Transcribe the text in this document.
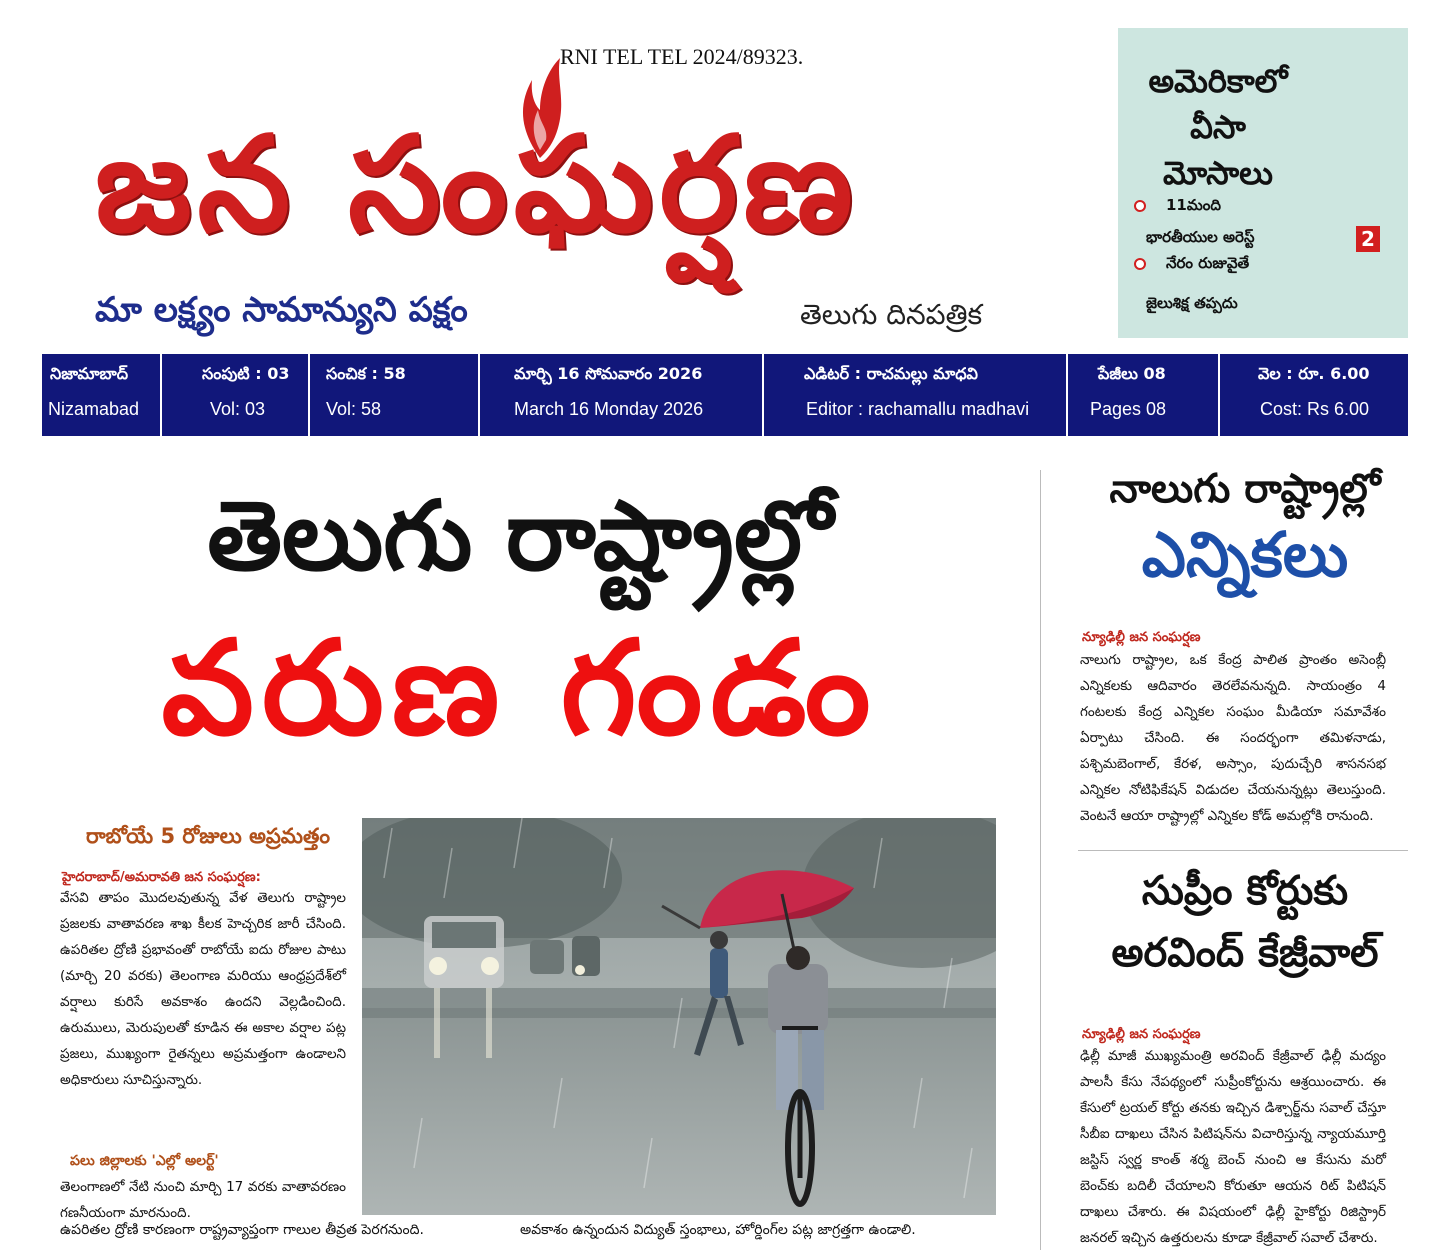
RNI TEL TEL 2024/89323.
జన సంఘర్షణ
మా లక్ష్యం సామాన్యుని పక్షం	తెలుగు దినపత్రిక
అమెరికాలో
వీసా
మోసాలు
11మంది
భారతీయుల అరెస్ట్
నేరం రుజువైతే
జైలుశిక్ష తప్పదు
2
నిజామాబాద్
Nizamabad
సంపుటి : 03
Vol: 03
సంచిక : 58
Vol: 58
మార్చి 16 సోమవారం 2026
March 16 Monday 2026
ఎడిటర్ : రాచమల్లు మాధవి
Editor : rachamallu madhavi
పేజీలు 08
Pages 08
వెల : రూ. 6.00
Cost: Rs 6.00
తెలుగు రాష్ట్రాల్లో
వరుణ గండం
రాబోయే 5 రోజులు అప్రమత్తం
హైదరాబాద్/అమరావతి జన సంఘర్షణ:
వేసవి తాపం మొదలవుతున్న వేళ తెలుగు రాష్ట్రాల ప్రజలకు వాతావరణ శాఖ కీలక హెచ్చరిక జారీ చేసింది. ఉపరితల ద్రోణి ప్రభావంతో రాబోయే ఐదు రోజుల పాటు (మార్చి 20 వరకు) తెలంగాణ మరియు ఆంధ్రప్రదేశ్‌లో వర్షాలు కురిసే అవకాశం ఉందని వెల్లడించింది. ఉరుములు, మెరుపులతో కూడిన ఈ అకాల వర్షాల పట్ల ప్రజలు, ముఖ్యంగా రైతన్నలు అప్రమత్తంగా ఉండాలని అధికారులు సూచిస్తున్నారు.
పలు జిల్లాలకు 'ఎల్లో అలర్ట్'
తెలంగాణలో నేటి నుంచి మార్చి 17 వరకు వాతావరణం గణనీయంగా మారనుంది.
ఉపరితల ద్రోణి కారణంగా రాష్ట్రవ్యాప్తంగా గాలుల తీవ్రత పెరగనుంది.	అవకాశం ఉన్నందున విద్యుత్ స్తంభాలు, హోర్డింగ్‌ల పట్ల జాగ్రత్తగా ఉండాలి.
నాలుగు రాష్ట్రాల్లో
ఎన్నికలు
న్యూఢిల్లీ జన సంఘర్షణ
నాలుగు రాష్ట్రాల, ఒక కేంద్ర పాలిత ప్రాంతం అసెంబ్లీ ఎన్నికలకు ఆదివారం తెరలేవనున్నది. సాయంత్రం 4 గంటలకు కేంద్ర ఎన్నికల సంఘం మీడియా సమావేశం ఏర్పాటు చేసింది. ఈ సందర్భంగా తమిళనాడు, పశ్చిమబెంగాల్, కేరళ, అస్సాం, పుదుచ్చేరి శాసనసభ ఎన్నికల నోటిఫికేషన్ విడుదల చేయనున్నట్లు తెలుస్తుంది. వెంటనే ఆయా రాష్ట్రాల్లో ఎన్నికల కోడ్ అమల్లోకి రానుంది.
సుప్రీం కోర్టుకు
అరవింద్ కేజ్రీవాల్
న్యూఢిల్లీ జన సంఘర్షణ
ఢిల్లీ మాజీ ముఖ్యమంత్రి అరవింద్ కేజ్రీవాల్ ఢిల్లీ మద్యం పాలసీ కేసు నేపథ్యంలో సుప్రీంకోర్టును ఆశ్రయించారు. ఈ కేసులో ట్రయల్ కోర్టు తనకు ఇచ్చిన డిశ్చార్జ్‌ను సవాల్ చేస్తూ సీబీఐ దాఖలు చేసిన పిటిషన్‌ను విచారిస్తున్న న్యాయమూర్తి జస్టిస్ స్వర్ణ కాంత్ శర్మ బెంచ్ నుంచి ఆ కేసును మరో బెంచ్‌కు బదిలీ చేయాలని కోరుతూ ఆయన రిట్ పిటిషన్ దాఖలు చేశారు. ఈ విషయంలో ఢిల్లీ హైకోర్టు రిజిస్ట్రార్ జనరల్ ఇచ్చిన ఉత్తరులను కూడా కేజ్రీవాల్ సవాల్ చేశారు.
